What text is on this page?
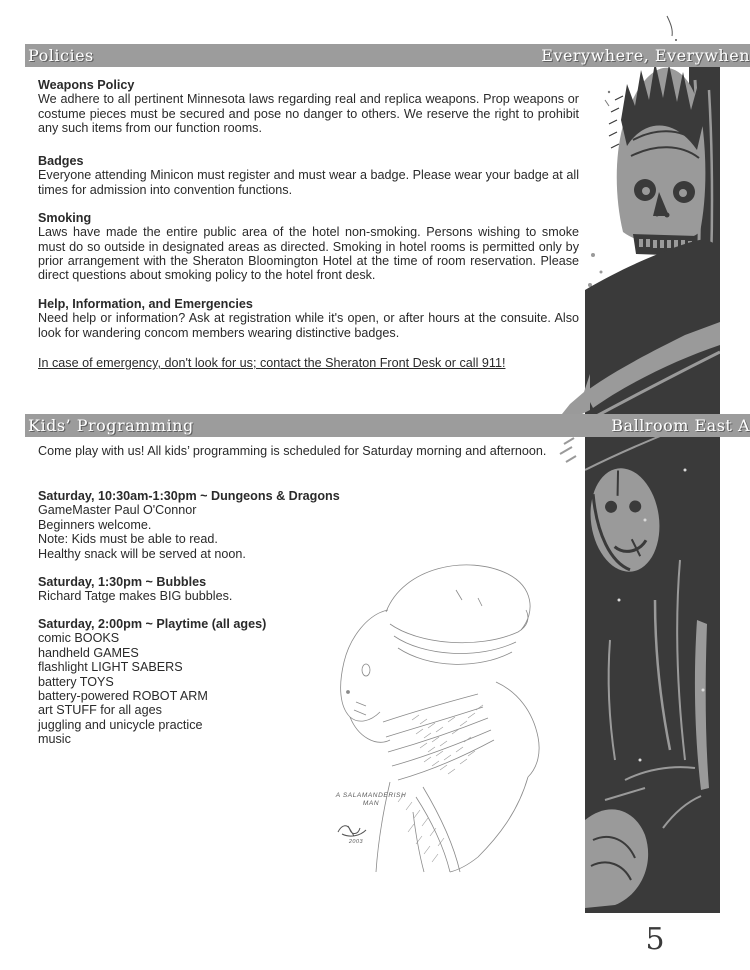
A SALAMANDERISH
MAN
2003
Policies	Everywhere, Everywhen
Weapons Policy
We adhere to all pertinent Minnesota laws regarding real and replica weapons. Prop weapons or costume pieces must be secured and pose no danger to others. We reserve the right to prohibit any such items from our function rooms.
Badges
Everyone attending Minicon must register and must wear a badge. Please wear your badge at all times for admission into convention functions.
Smoking
Laws have made the entire public area of the hotel non-smoking. Persons wishing to smoke must do so outside in designated areas as directed. Smoking in hotel rooms is permitted only by prior arrangement with the Sheraton Bloomington Hotel at the time of room reservation. Please direct questions about smoking policy to the hotel front desk.
Help, Information, and Emergencies
Need help or information? Ask at registration while it's open, or after hours at the consuite. Also look for wandering concom members wearing distinctive badges.
In case of emergency, don't look for us; contact the Sheraton Front Desk or call 911!
Kids’ Programming	Ballroom East A
Come play with us! All kids’ programming is scheduled for Saturday morning and afternoon.
Saturday, 10:30am-1:30pm ~ Dungeons & Dragons
GameMaster Paul O'Connor
Beginners welcome.
Note: Kids must be able to read.
Healthy snack will be served at noon.
Saturday, 1:30pm ~ Bubbles
Richard Tatge makes BIG bubbles.
Saturday, 2:00pm ~ Playtime (all ages)
comic BOOKS
handheld GAMES
flashlight LIGHT SABERS
battery TOYS
battery-powered ROBOT ARM
art STUFF for all ages
juggling and unicycle practice
music
5
